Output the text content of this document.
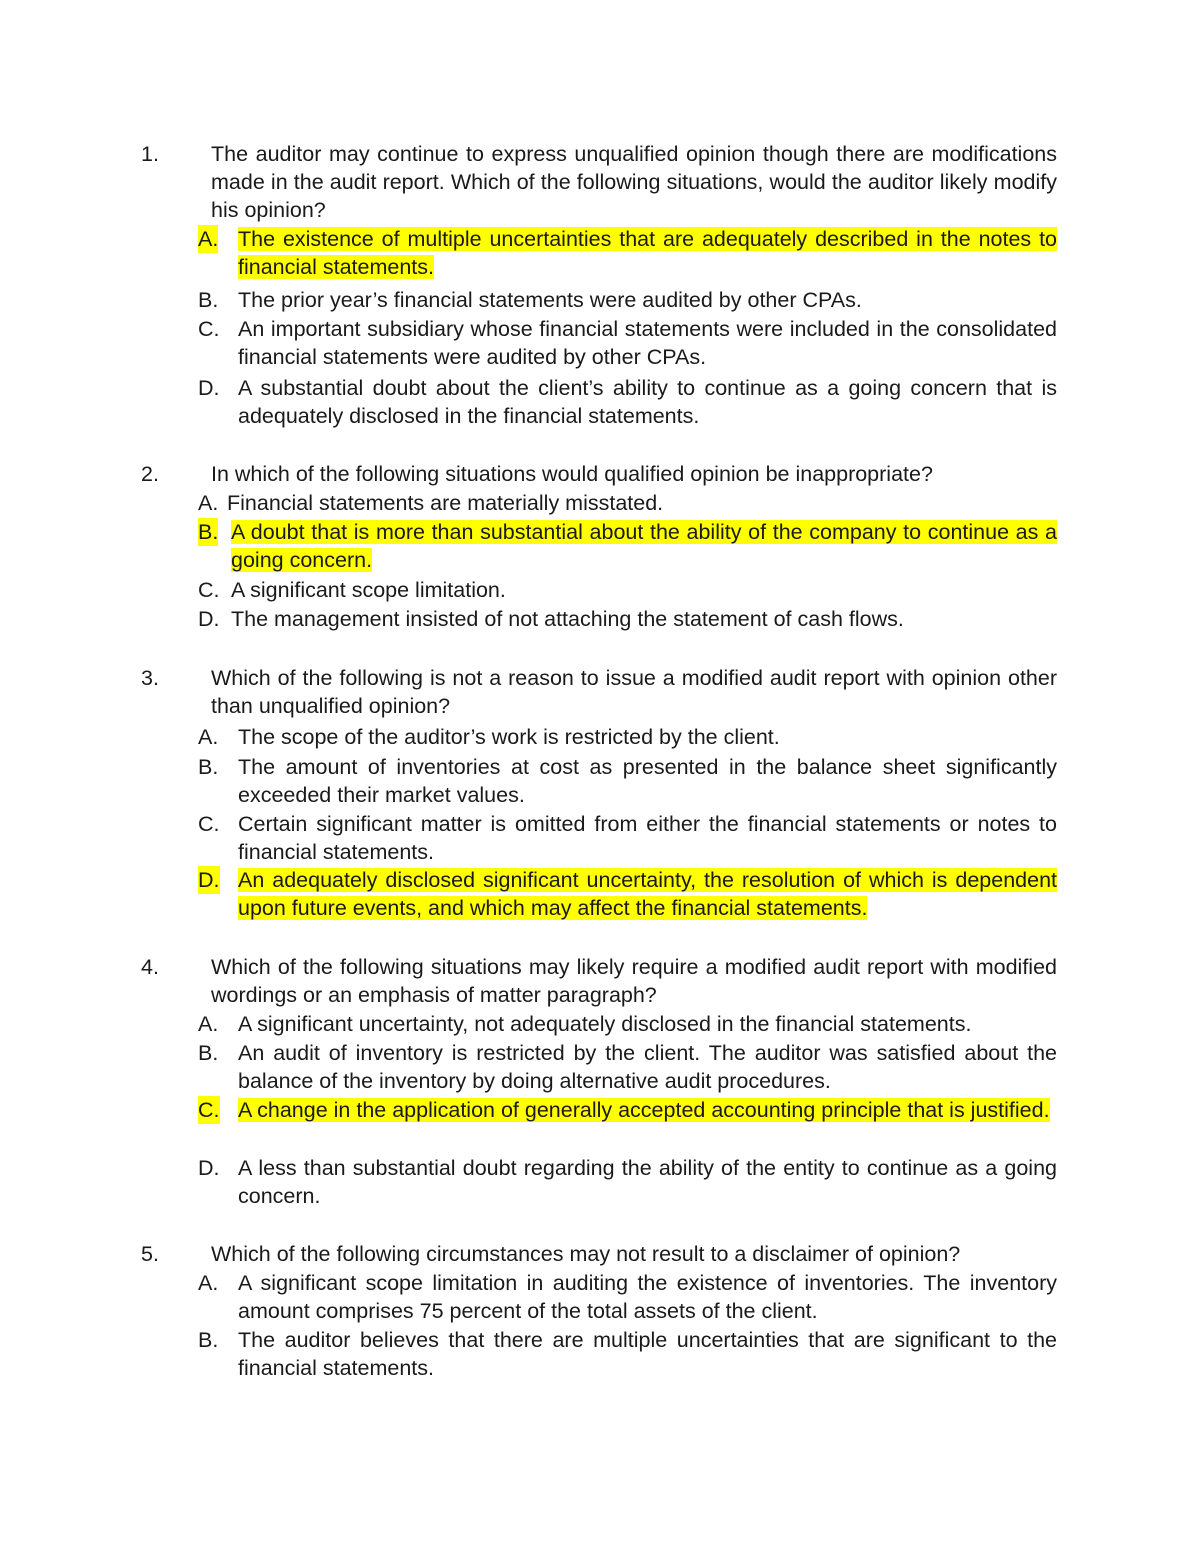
1. The auditor may continue to express unqualified opinion though there are modifications made in the audit report. Which of the following situations, would the auditor likely modify his opinion?
A. The existence of multiple uncertainties that are adequately described in the notes to financial statements.
B. The prior year’s financial statements were audited by other CPAs.
C. An important subsidiary whose financial statements were included in the consolidated financial statements were audited by other CPAs.
D. A substantial doubt about the client’s ability to continue as a going concern that is adequately disclosed in the financial statements.
2. In which of the following situations would qualified opinion be inappropriate?
A. Financial statements are materially misstated.
B. A doubt that is more than substantial about the ability of the company to continue as a going concern.
C. A significant scope limitation.
D. The management insisted of not attaching the statement of cash flows.
3. Which of the following is not a reason to issue a modified audit report with opinion other than unqualified opinion?
A. The scope of the auditor’s work is restricted by the client.
B. The amount of inventories at cost as presented in the balance sheet significantly exceeded their market values.
C. Certain significant matter is omitted from either the financial statements or notes to financial statements.
D. An adequately disclosed significant uncertainty, the resolution of which is dependent upon future events, and which may affect the financial statements.
4. Which of the following situations may likely require a modified audit report with modified wordings or an emphasis of matter paragraph?
A. A significant uncertainty, not adequately disclosed in the financial statements.
B. An audit of inventory is restricted by the client. The auditor was satisfied about the balance of the inventory by doing alternative audit procedures.
C. A change in the application of generally accepted accounting principle that is justified.
D. A less than substantial doubt regarding the ability of the entity to continue as a going concern.
5. Which of the following circumstances may not result to a disclaimer of opinion?
A. A significant scope limitation in auditing the existence of inventories. The inventory amount comprises 75 percent of the total assets of the client.
B. The auditor believes that there are multiple uncertainties that are significant to the financial statements.
